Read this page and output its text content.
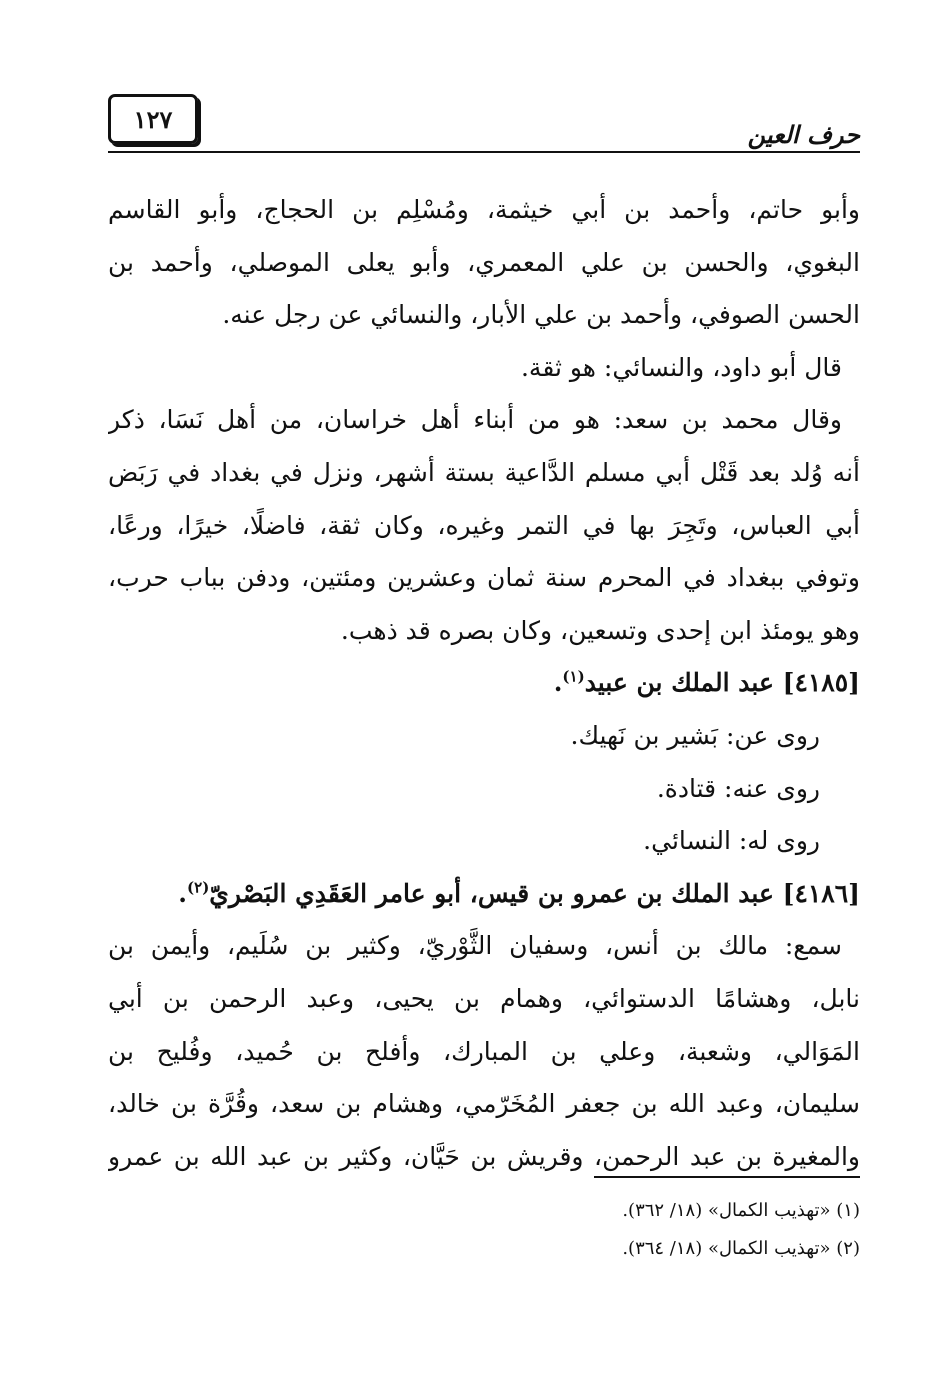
حرف العين
١٢٧
وأبو حاتم، وأحمد بن أبي خيثمة، ومُسْلِم بن الحجاج، وأبو القاسم
البغوي، والحسن بن علي المعمري، وأبو يعلى الموصلي، وأحمد بن
الحسن الصوفي، وأحمد بن علي الأبار، والنسائي عن رجل عنه.
قال أبو داود، والنسائي: هو ثقة.
وقال محمد بن سعد: هو من أبناء أهل خراسان، من أهل نَسَا، ذكر
أنه وُلد بعد قَتْل أبي مسلم الدَّاعية بستة أشهر، ونزل في بغداد في رَبَض
أبي العباس، وتَجِرَ بها في التمر وغيره، وكان ثقة، فاضلًا، خيرًا، ورعًا،
وتوفي ببغداد في المحرم سنة ثمان وعشرين ومئتين، ودفن بباب حرب،
وهو يومئذ ابن إحدى وتسعين، وكان بصره قد ذهب.
[٤١٨٥] عبد الملك بن عبيد$^{(١)}$.
روى عن: بَشير بن نَهيك.
روى عنه: قتادة.
روى له: النسائي.
[٤١٨٦] عبد الملك بن عمرو بن قيس، أبو عامر العَقَدِي البَصْريّ$^{(٢)}$.
سمع: مالك بن أنس، وسفيان الثَّوْريّ، وكثير بن سُلَيم، وأيمن بن
نابل، وهشامًا الدستوائي، وهمام بن يحيى، وعبد الرحمن بن أبي
المَوَالي، وشعبة، وعلي بن المبارك، وأفلح بن حُميد، وفُليح بن
سليمان، وعبد الله بن جعفر المُخَرّمي، وهشام بن سعد، وقُرَّة بن خالد،
والمغيرة بن عبد الرحمن، وقريش بن حَيَّان، وكثير بن عبد الله بن عمرو
(١) «تهذيب الكمال» (١٨/ ٣٦٢).
(٢) «تهذيب الكمال» (١٨/ ٣٦٤).
